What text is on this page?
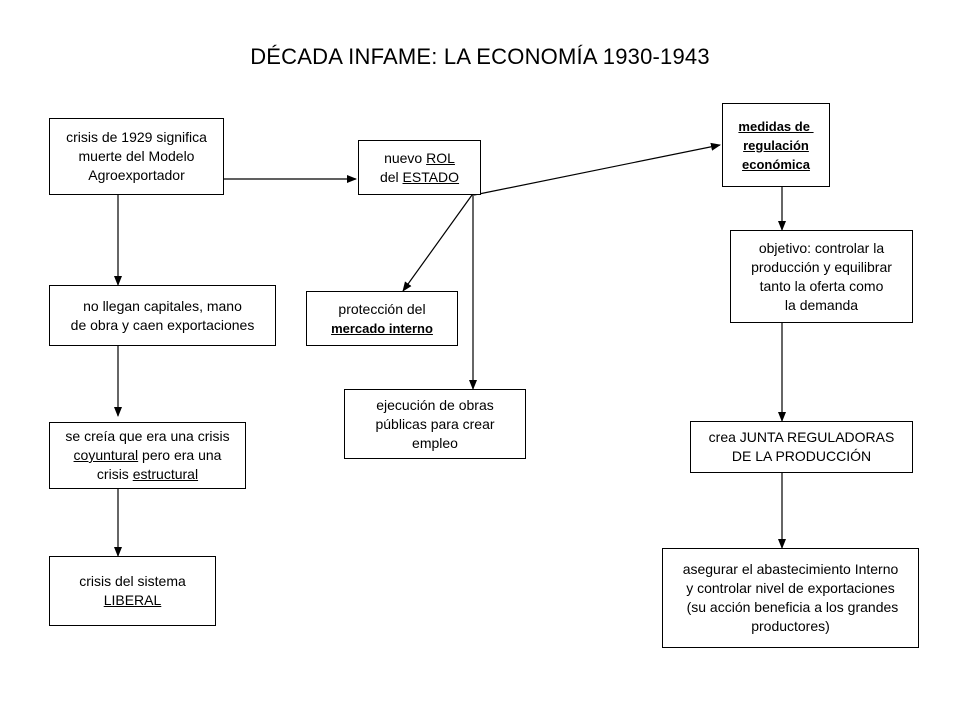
DÉCADA INFAME: LA ECONOMÍA 1930-1943
crisis de 1929 significa
muerte del Modelo
Agroexportador
no llegan capitales, mano
de obra y caen exportaciones
se creía que era una crisis
coyuntural pero era una
crisis estructural
crisis del sistema
LIBERAL
nuevo ROL
del ESTADO
protección del
mercado interno
ejecución de obras
públicas para crear
empleo
medidas de
regulación
económica
objetivo: controlar la
producción y equilibrar
tanto la oferta como
la demanda
crea JUNTA REGULADORAS
DE LA PRODUCCIÓN
asegurar el abastecimiento Interno
y controlar nivel de exportaciones
(su acción beneficia a los grandes
productores)
